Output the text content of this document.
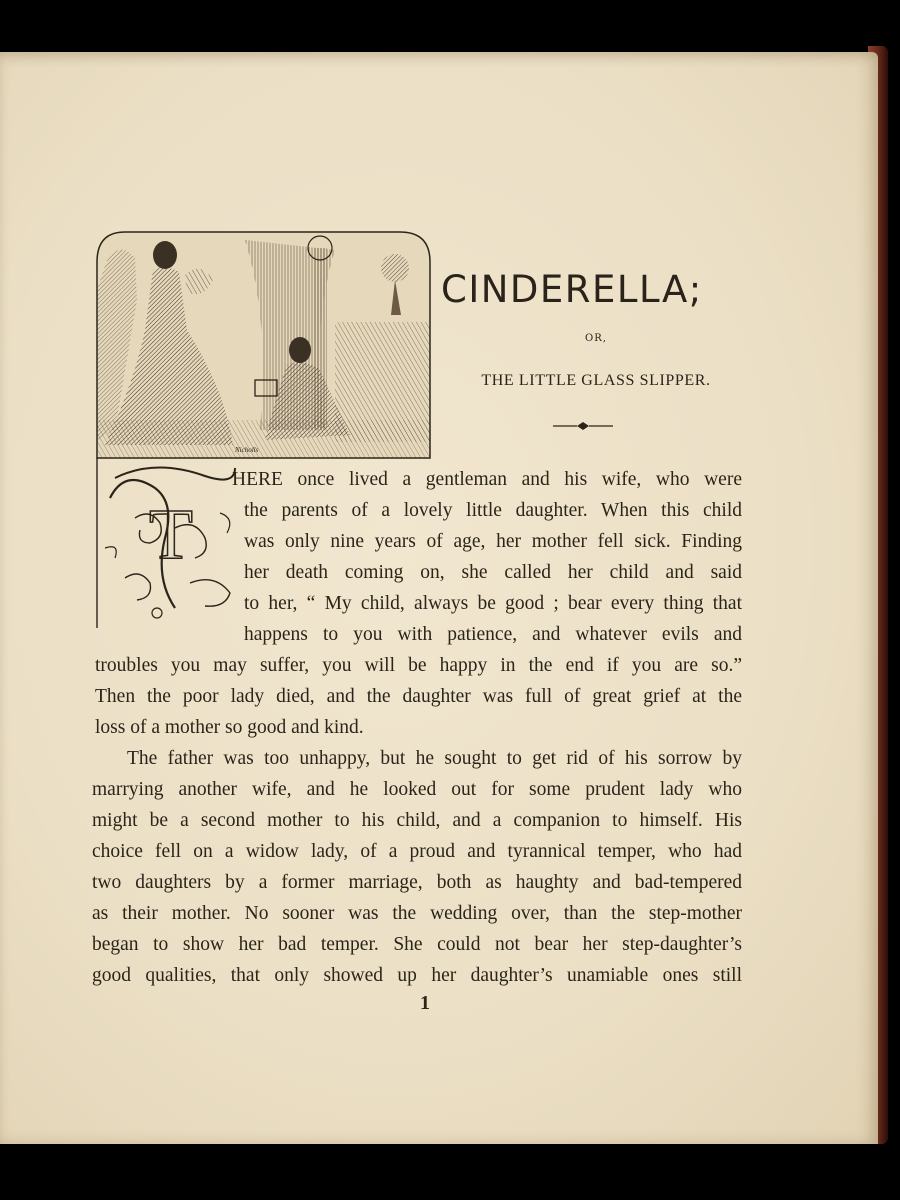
Nicholls
CINDERELLA;
OR,
THE LITTLE GLASS SLIPPER.
T
HERE once lived a gentleman and his wife, who were
the parents of a lovely little daughter. When this child
was only nine years of age, her mother fell sick. Finding
her death coming on, she called her child and said
to her, “ My child, always be good ; bear every thing that
happens to you with patience, and whatever evils and
troubles you may suffer, you will be happy in the end if you are so.”
Then the poor lady died, and the daughter was full of great grief at the
loss of a mother so good and kind.
The father was too unhappy, but he sought to get rid of his sorrow by
marrying another wife, and he looked out for some prudent lady who
might be a second mother to his child, and a companion to himself. His
choice fell on a widow lady, of a proud and tyrannical temper, who had
two daughters by a former marriage, both as haughty and bad-tempered
as their mother. No sooner was the wedding over, than the step-mother
began to show her bad temper. She could not bear her step-daughter’s
good qualities, that only showed up her daughter’s unamiable ones still
1
